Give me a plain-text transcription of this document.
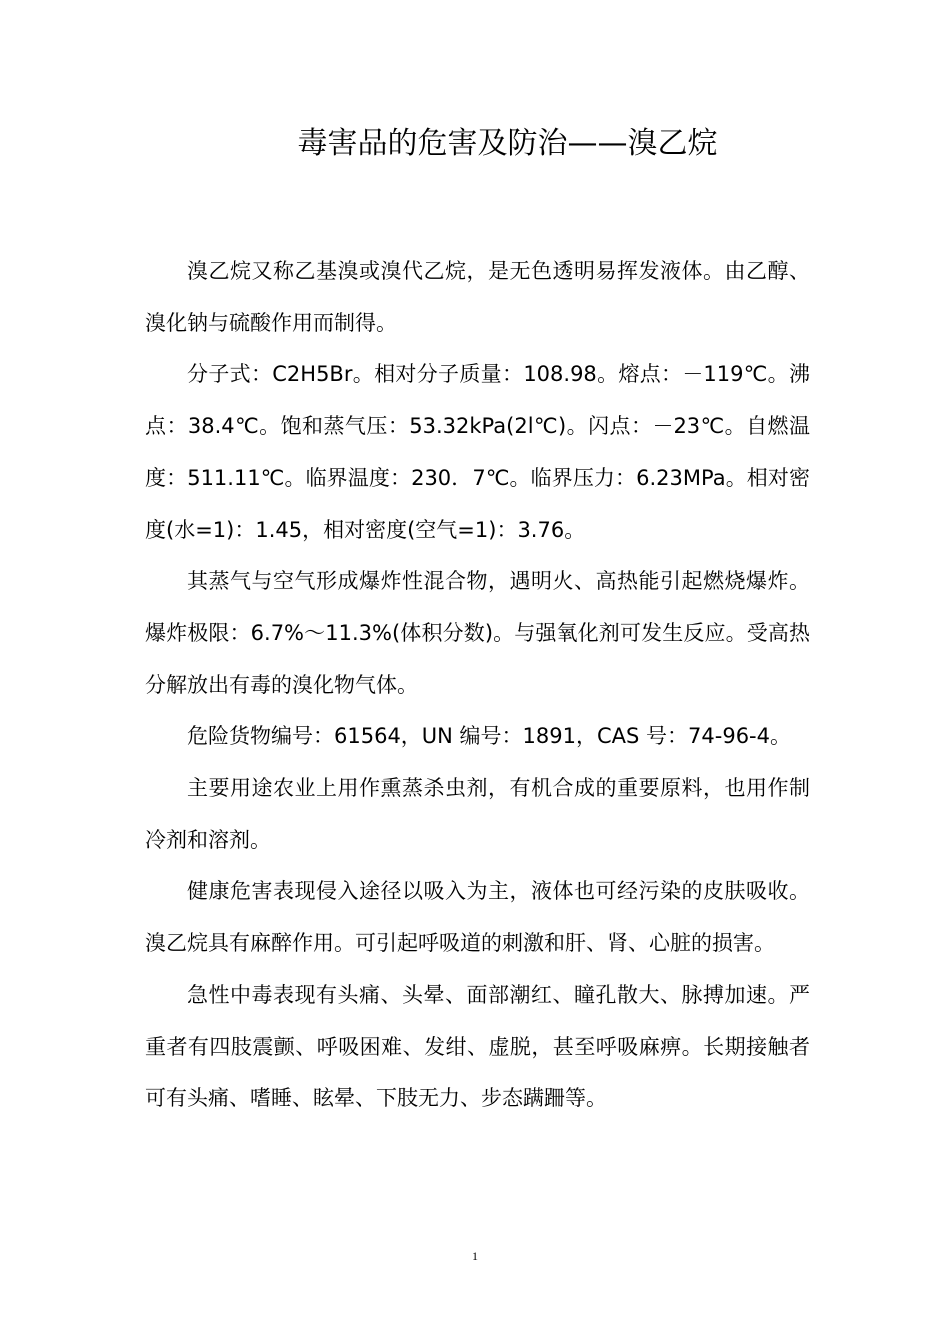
毒害品的危害及防治——溴乙烷

溴乙烷又称乙基溴或溴代乙烷，是无色透明易挥发液体。由乙醇、溴化钠与硫酸作用而制得。

分子式：C2H5Br。相对分子质量：108.98。熔点：－119℃。沸点：38.4℃。饱和蒸气压：53.32kPa(2l℃)。闪点：－23℃。自燃温度：511.11℃。临界温度：230．7℃。临界压力：6.23MPa。相对密度(水=1)：1.45，相对密度(空气=1)：3.76。

其蒸气与空气形成爆炸性混合物，遇明火、高热能引起燃烧爆炸。爆炸极限：6.7%～11.3%(体积分数)。与强氧化剂可发生反应。受高热分解放出有毒的溴化物气体。

危险货物编号：61564，UN 编号：1891，CAS 号：74-96-4。

主要用途农业上用作熏蒸杀虫剂，有机合成的重要原料，也用作制冷剂和溶剂。

健康危害表现侵入途径以吸入为主，液体也可经污染的皮肤吸收。溴乙烷具有麻醉作用。可引起呼吸道的刺激和肝、肾、心脏的损害。

急性中毒表现有头痛、头晕、面部潮红、瞳孔散大、脉搏加速。严重者有四肢震颤、呼吸困难、发绀、虚脱，甚至呼吸麻痹。长期接触者可有头痛、嗜睡、眩晕、下肢无力、步态蹒跚等。

1
